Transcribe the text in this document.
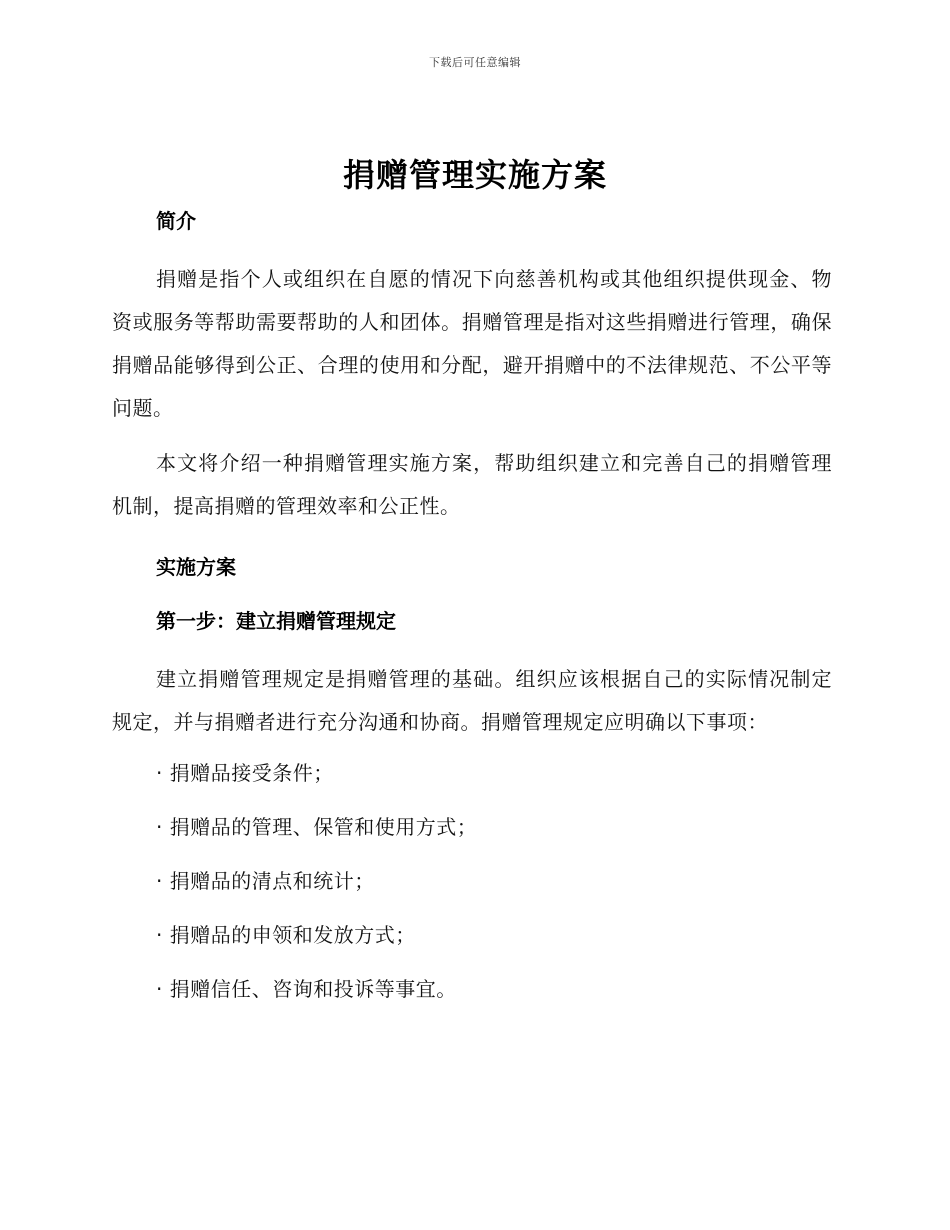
下载后可任意编辑
捐赠管理实施方案

简介

捐赠是指个人或组织在自愿的情况下向慈善机构或其他组织提供现金、物资或服务等帮助需要帮助的人和团体。捐赠管理是指对这些捐赠进行管理，确保捐赠品能够得到公正、合理的使用和分配，避开捐赠中的不法律规范、不公平等问题。

本文将介绍一种捐赠管理实施方案，帮助组织建立和完善自己的捐赠管理机制，提高捐赠的管理效率和公正性。

实施方案

第一步：建立捐赠管理规定

建立捐赠管理规定是捐赠管理的基础。组织应该根据自己的实际情况制定规定，并与捐赠者进行充分沟通和协商。捐赠管理规定应明确以下事项：

· 捐赠品接受条件；

· 捐赠品的管理、保管和使用方式；

· 捐赠品的清点和统计；

· 捐赠品的申领和发放方式；

· 捐赠信任、咨询和投诉等事宜。
